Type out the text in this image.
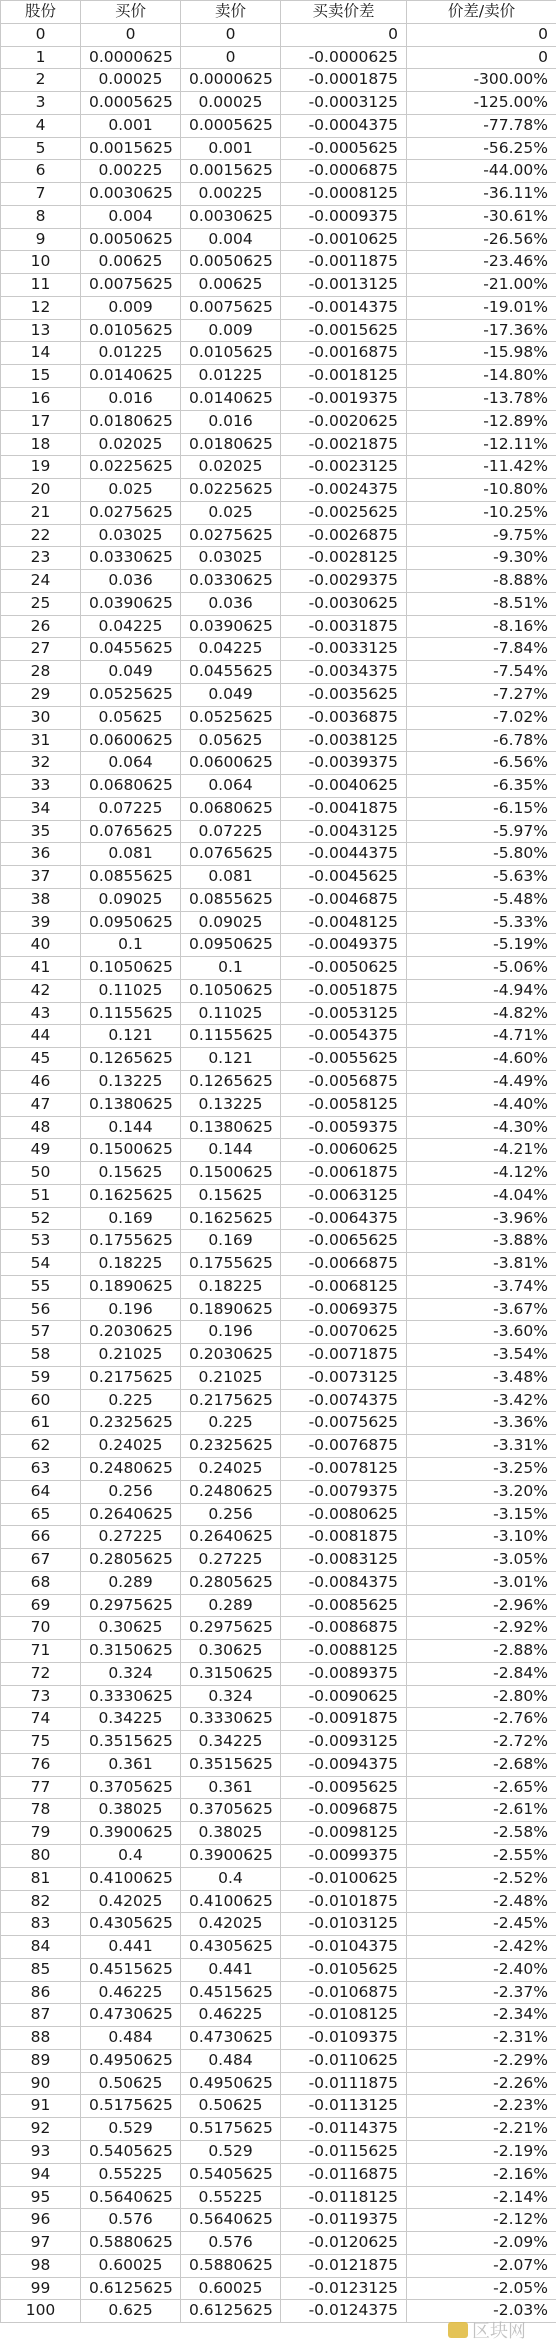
股份	买价	卖价	买卖价差	价差/卖价
0	0	0	0	0
1	0.0000625	0	-0.0000625	0
2	0.00025	0.0000625	-0.0001875	-300.00%
3	0.0005625	0.00025	-0.0003125	-125.00%
4	0.001	0.0005625	-0.0004375	-77.78%
5	0.0015625	0.001	-0.0005625	-56.25%
6	0.00225	0.0015625	-0.0006875	-44.00%
7	0.0030625	0.00225	-0.0008125	-36.11%
8	0.004	0.0030625	-0.0009375	-30.61%
9	0.0050625	0.004	-0.0010625	-26.56%
10	0.00625	0.0050625	-0.0011875	-23.46%
11	0.0075625	0.00625	-0.0013125	-21.00%
12	0.009	0.0075625	-0.0014375	-19.01%
13	0.0105625	0.009	-0.0015625	-17.36%
14	0.01225	0.0105625	-0.0016875	-15.98%
15	0.0140625	0.01225	-0.0018125	-14.80%
16	0.016	0.0140625	-0.0019375	-13.78%
17	0.0180625	0.016	-0.0020625	-12.89%
18	0.02025	0.0180625	-0.0021875	-12.11%
19	0.0225625	0.02025	-0.0023125	-11.42%
20	0.025	0.0225625	-0.0024375	-10.80%
21	0.0275625	0.025	-0.0025625	-10.25%
22	0.03025	0.0275625	-0.0026875	-9.75%
23	0.0330625	0.03025	-0.0028125	-9.30%
24	0.036	0.0330625	-0.0029375	-8.88%
25	0.0390625	0.036	-0.0030625	-8.51%
26	0.04225	0.0390625	-0.0031875	-8.16%
27	0.0455625	0.04225	-0.0033125	-7.84%
28	0.049	0.0455625	-0.0034375	-7.54%
29	0.0525625	0.049	-0.0035625	-7.27%
30	0.05625	0.0525625	-0.0036875	-7.02%
31	0.0600625	0.05625	-0.0038125	-6.78%
32	0.064	0.0600625	-0.0039375	-6.56%
33	0.0680625	0.064	-0.0040625	-6.35%
34	0.07225	0.0680625	-0.0041875	-6.15%
35	0.0765625	0.07225	-0.0043125	-5.97%
36	0.081	0.0765625	-0.0044375	-5.80%
37	0.0855625	0.081	-0.0045625	-5.63%
38	0.09025	0.0855625	-0.0046875	-5.48%
39	0.0950625	0.09025	-0.0048125	-5.33%
40	0.1	0.0950625	-0.0049375	-5.19%
41	0.1050625	0.1	-0.0050625	-5.06%
42	0.11025	0.1050625	-0.0051875	-4.94%
43	0.1155625	0.11025	-0.0053125	-4.82%
44	0.121	0.1155625	-0.0054375	-4.71%
45	0.1265625	0.121	-0.0055625	-4.60%
46	0.13225	0.1265625	-0.0056875	-4.49%
47	0.1380625	0.13225	-0.0058125	-4.40%
48	0.144	0.1380625	-0.0059375	-4.30%
49	0.1500625	0.144	-0.0060625	-4.21%
50	0.15625	0.1500625	-0.0061875	-4.12%
51	0.1625625	0.15625	-0.0063125	-4.04%
52	0.169	0.1625625	-0.0064375	-3.96%
53	0.1755625	0.169	-0.0065625	-3.88%
54	0.18225	0.1755625	-0.0066875	-3.81%
55	0.1890625	0.18225	-0.0068125	-3.74%
56	0.196	0.1890625	-0.0069375	-3.67%
57	0.2030625	0.196	-0.0070625	-3.60%
58	0.21025	0.2030625	-0.0071875	-3.54%
59	0.2175625	0.21025	-0.0073125	-3.48%
60	0.225	0.2175625	-0.0074375	-3.42%
61	0.2325625	0.225	-0.0075625	-3.36%
62	0.24025	0.2325625	-0.0076875	-3.31%
63	0.2480625	0.24025	-0.0078125	-3.25%
64	0.256	0.2480625	-0.0079375	-3.20%
65	0.2640625	0.256	-0.0080625	-3.15%
66	0.27225	0.2640625	-0.0081875	-3.10%
67	0.2805625	0.27225	-0.0083125	-3.05%
68	0.289	0.2805625	-0.0084375	-3.01%
69	0.2975625	0.289	-0.0085625	-2.96%
70	0.30625	0.2975625	-0.0086875	-2.92%
71	0.3150625	0.30625	-0.0088125	-2.88%
72	0.324	0.3150625	-0.0089375	-2.84%
73	0.3330625	0.324	-0.0090625	-2.80%
74	0.34225	0.3330625	-0.0091875	-2.76%
75	0.3515625	0.34225	-0.0093125	-2.72%
76	0.361	0.3515625	-0.0094375	-2.68%
77	0.3705625	0.361	-0.0095625	-2.65%
78	0.38025	0.3705625	-0.0096875	-2.61%
79	0.3900625	0.38025	-0.0098125	-2.58%
80	0.4	0.3900625	-0.0099375	-2.55%
81	0.4100625	0.4	-0.0100625	-2.52%
82	0.42025	0.4100625	-0.0101875	-2.48%
83	0.4305625	0.42025	-0.0103125	-2.45%
84	0.441	0.4305625	-0.0104375	-2.42%
85	0.4515625	0.441	-0.0105625	-2.40%
86	0.46225	0.4515625	-0.0106875	-2.37%
87	0.4730625	0.46225	-0.0108125	-2.34%
88	0.484	0.4730625	-0.0109375	-2.31%
89	0.4950625	0.484	-0.0110625	-2.29%
90	0.50625	0.4950625	-0.0111875	-2.26%
91	0.5175625	0.50625	-0.0113125	-2.23%
92	0.529	0.5175625	-0.0114375	-2.21%
93	0.5405625	0.529	-0.0115625	-2.19%
94	0.55225	0.5405625	-0.0116875	-2.16%
95	0.5640625	0.55225	-0.0118125	-2.14%
96	0.576	0.5640625	-0.0119375	-2.12%
97	0.5880625	0.576	-0.0120625	-2.09%
98	0.60025	0.5880625	-0.0121875	-2.07%
99	0.6125625	0.60025	-0.0123125	-2.05%
100	0.625	0.6125625	-0.0124375	-2.03%
区块网
